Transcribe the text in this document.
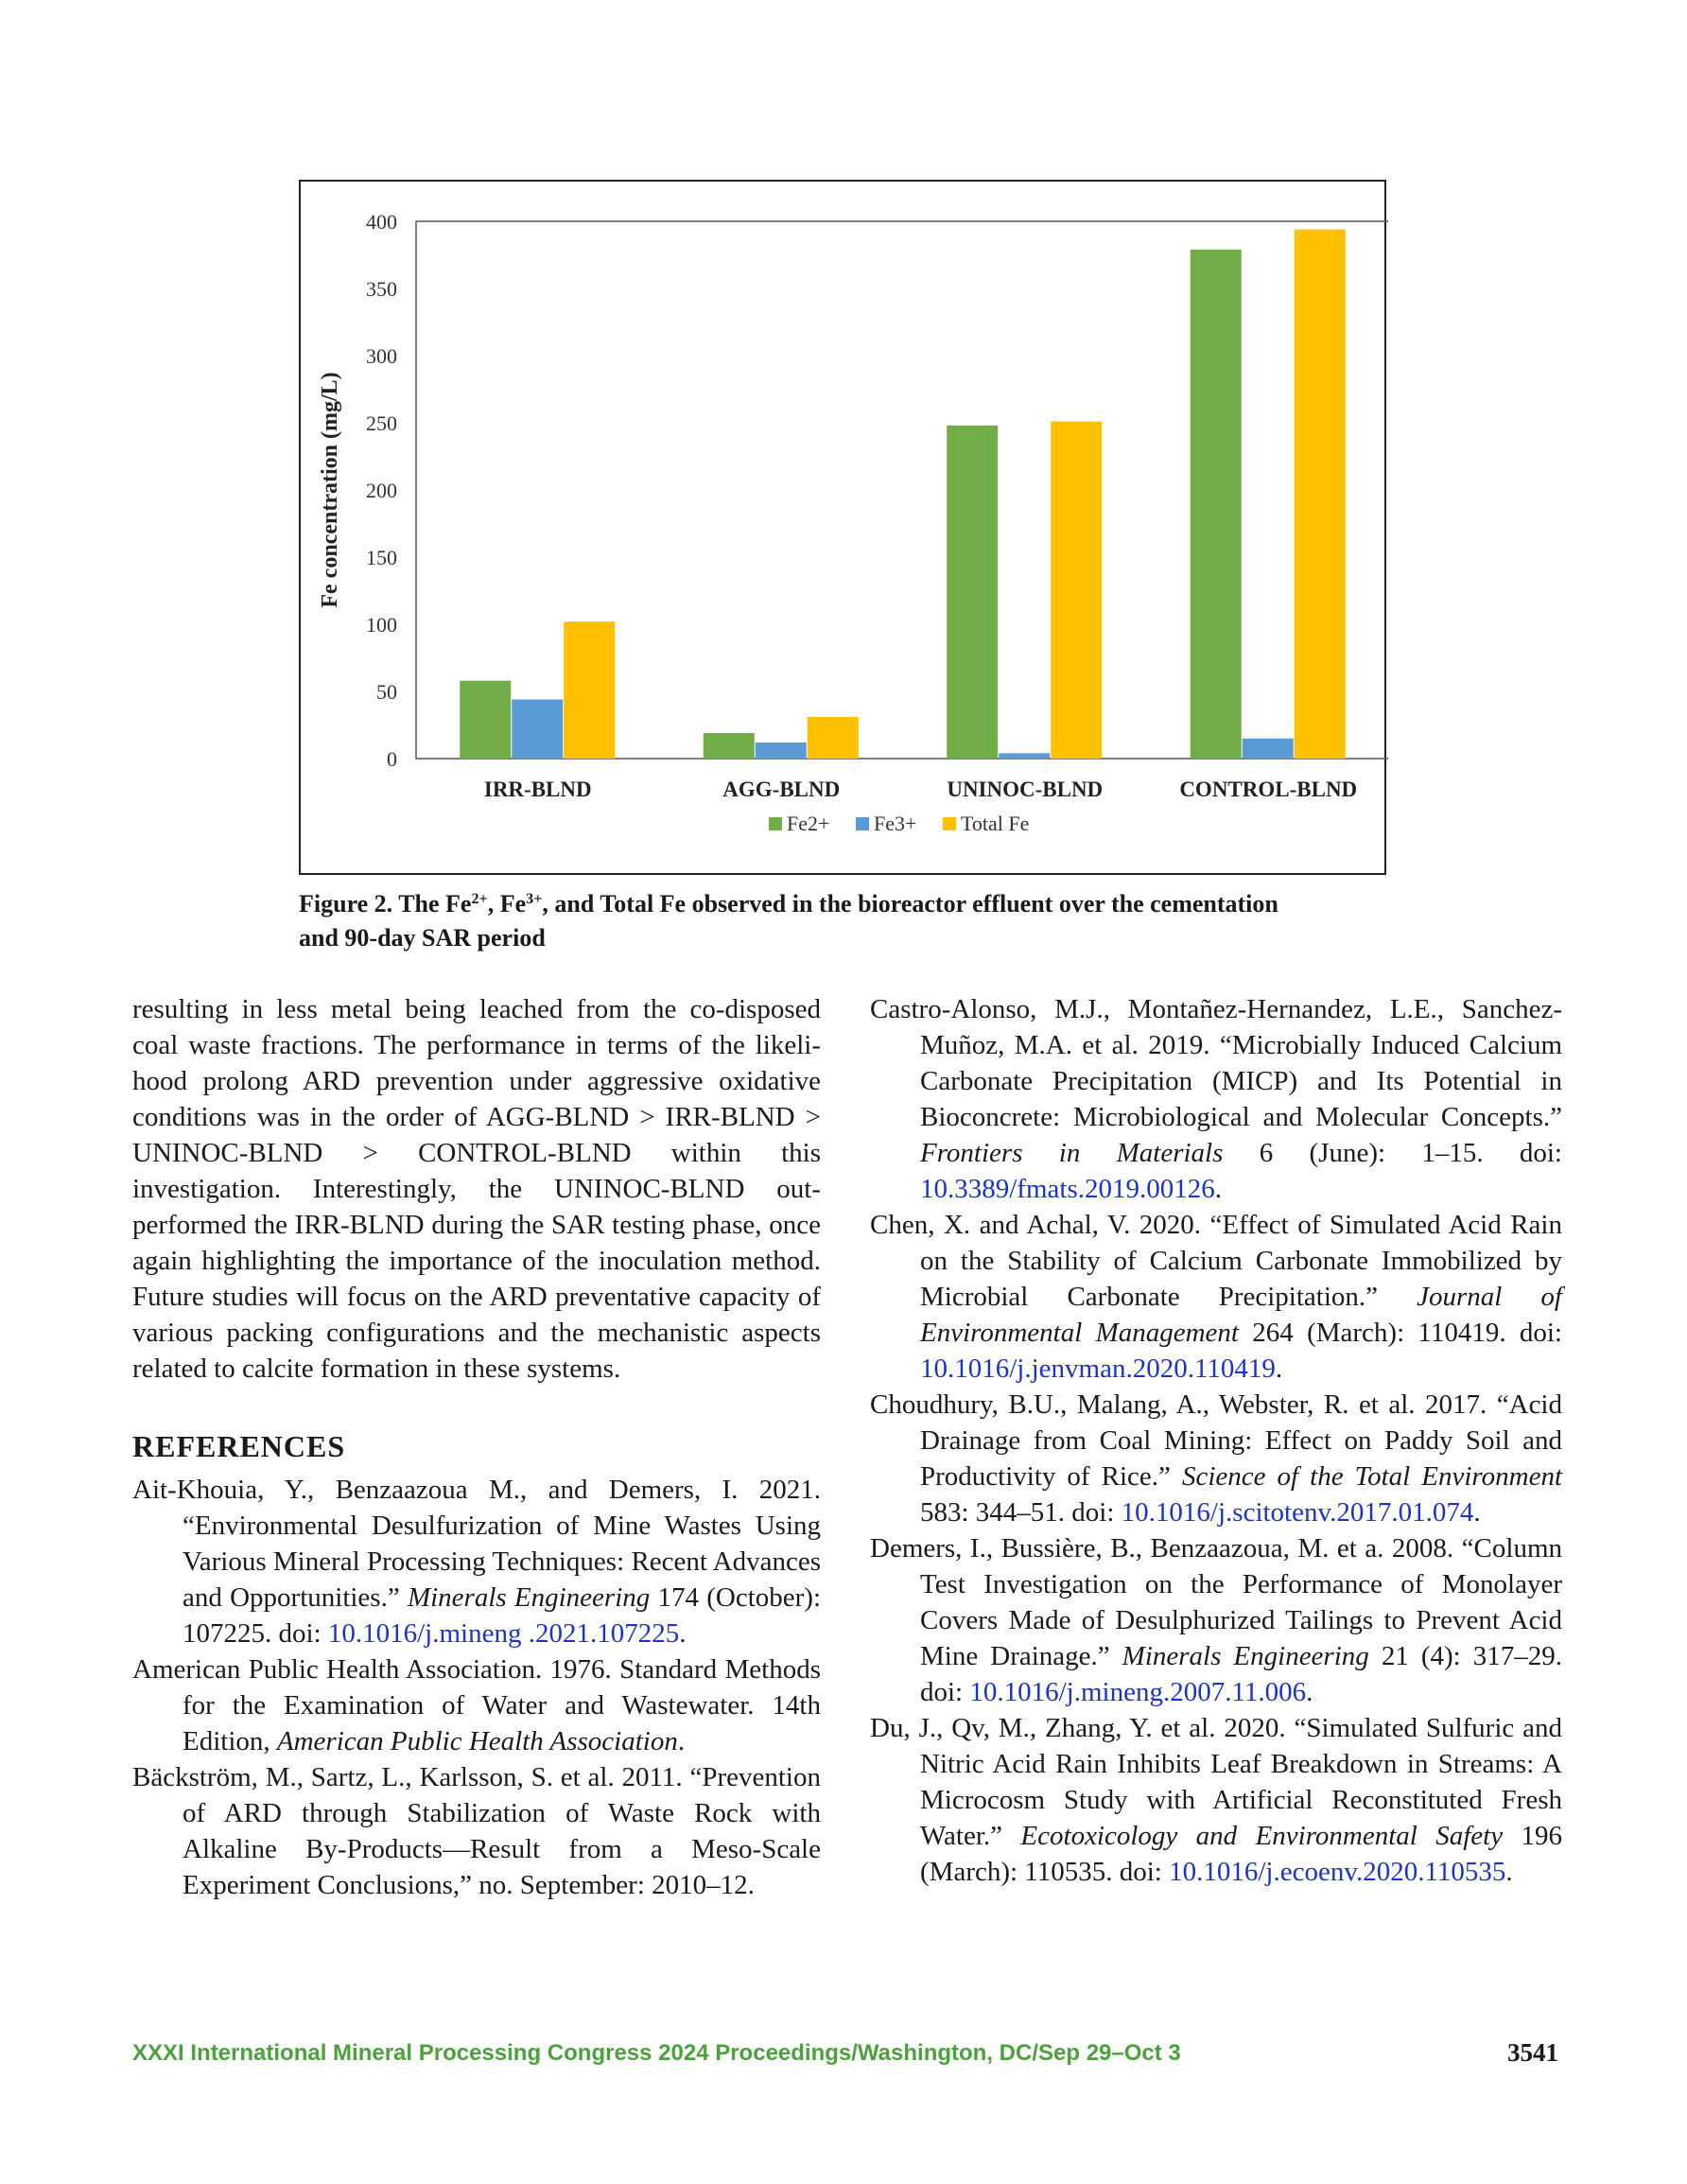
0
50
100
150
200
250
300
350
400
Fe concentration (mg/L)
IRR-BLND	AGG-BLND	UNINOC-BLND	CONTROL-BLND
Fe2+ Fe3+ Total Fe
Figure 2. The $Fe^{2+}$, $Fe^{3+}$, and Total Fe observed in the bioreactor effluent over the cementation
and 90-day SAR period

resulting in less metal being leached from the co-disposed coal waste fractions. The performance in terms of the likelihood prolong ARD prevention under aggressive oxidative conditions was in the order of AGG-BLND > IRR-BLND > UNINOC-BLND > CONTROL-BLND within this investigation. Interestingly, the UNINOC-BLND outperformed the IRR-BLND during the SAR testing phase, once again highlighting the importance of the inoculation method. Future studies will focus on the ARD preventative capacity of various packing configurations and the mechanistic aspects related to calcite formation in these systems.

REFERENCES

Ait-Khouia, Y., Benzaazoua M., and Demers, I. 2021. “Environmental Desulfurization of Mine Wastes Using Various Mineral Processing Techniques: Recent Advances and Opportunities.” Minerals Engineering 174 (October): 107225. doi: 10.1016/j.mineng .2021.107225.

American Public Health Association. 1976. Standard Methods for the Examination of Water and Wastewater. 14th Edition, American Public Health Association.

Bäckström, M., Sartz, L., Karlsson, S. et al. 2011. “Prevention of ARD through Stabilization of Waste Rock with Alkaline By-Products—Result from a Meso-Scale Experiment Conclusions,” no. September: 2010–12.

Castro-Alonso, M.J., Montañez-Hernandez, L.E., Sanchez-Muñoz, M.A. et al. 2019. “Microbially Induced Calcium Carbonate Precipitation (MICP) and Its Potential in Bioconcrete: Microbiological and Molecular Concepts.” Frontiers in Materials 6 (June): 1–15. doi: 10.3389/fmats.2019.00126.

Chen, X. and Achal, V. 2020. “Effect of Simulated Acid Rain on the Stability of Calcium Carbonate Immobilized by Microbial Carbonate Precipitation.” Journal of Environmental Management 264 (March): 110419. doi: 10.1016/j.jenvman.2020.110419.

Choudhury, B.U., Malang, A., Webster, R. et al. 2017. “Acid Drainage from Coal Mining: Effect on Paddy Soil and Productivity of Rice.” Science of the Total Environment 583: 344–51. doi: 10.1016/j.scitotenv.2017.01.074.

Demers, I., Bussière, B., Benzaazoua, M. et a. 2008. “Column Test Investigation on the Performance of Monolayer Covers Made of Desulphurized Tailings to Prevent Acid Mine Drainage.” Minerals Engineering 21 (4): 317–29. doi: 10.1016/j.mineng.2007.11.006.

Du, J., Qv, M., Zhang, Y. et al. 2020. “Simulated Sulfuric and Nitric Acid Rain Inhibits Leaf Breakdown in Streams: A Microcosm Study with Artificial Reconstituted Fresh Water.” Ecotoxicology and Environmental Safety 196 (March): 110535. doi: 10.1016/j.ecoenv.2020.110535.

XXXI International Mineral Processing Congress 2024 Proceedings/Washington, DC/Sep 29–Oct 3	3541
